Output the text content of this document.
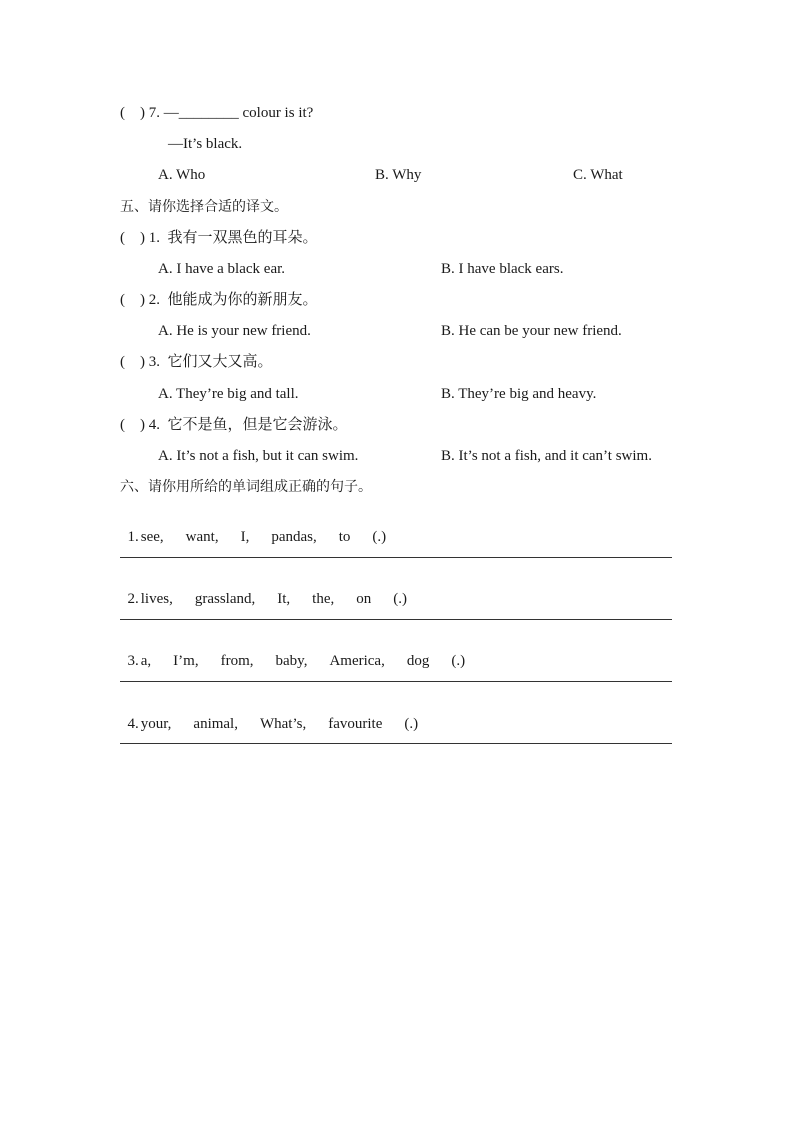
(    ) 7. —________ colour is it?
—It’s black.
A. Who	B. Why	C. What
五、请你选择合适的译文。
(    ) 1.  我有一双黑色的耳朵。
A. I have a black ear.	B. I have black ears.
(    ) 2.  他能成为你的新朋友。
A. He is your new friend.	B. He can be your new friend.
(    ) 3.  它们又大又高。
A. They’re big and tall.	B. They’re big and heavy.
(    ) 4.  它不是鱼，但是它会游泳。
A. It’s not a fish, but it can swim.	B. It’s not a fish, and it can’t swim.
六、请你用所给的单词组成正确的句子。

1. see, want, I, pandas, to (.)

2. lives, grassland, It, the, on (.)

3. a, I’m, from, baby, America, dog (.)

4. your, animal, What’s, favourite (.)
